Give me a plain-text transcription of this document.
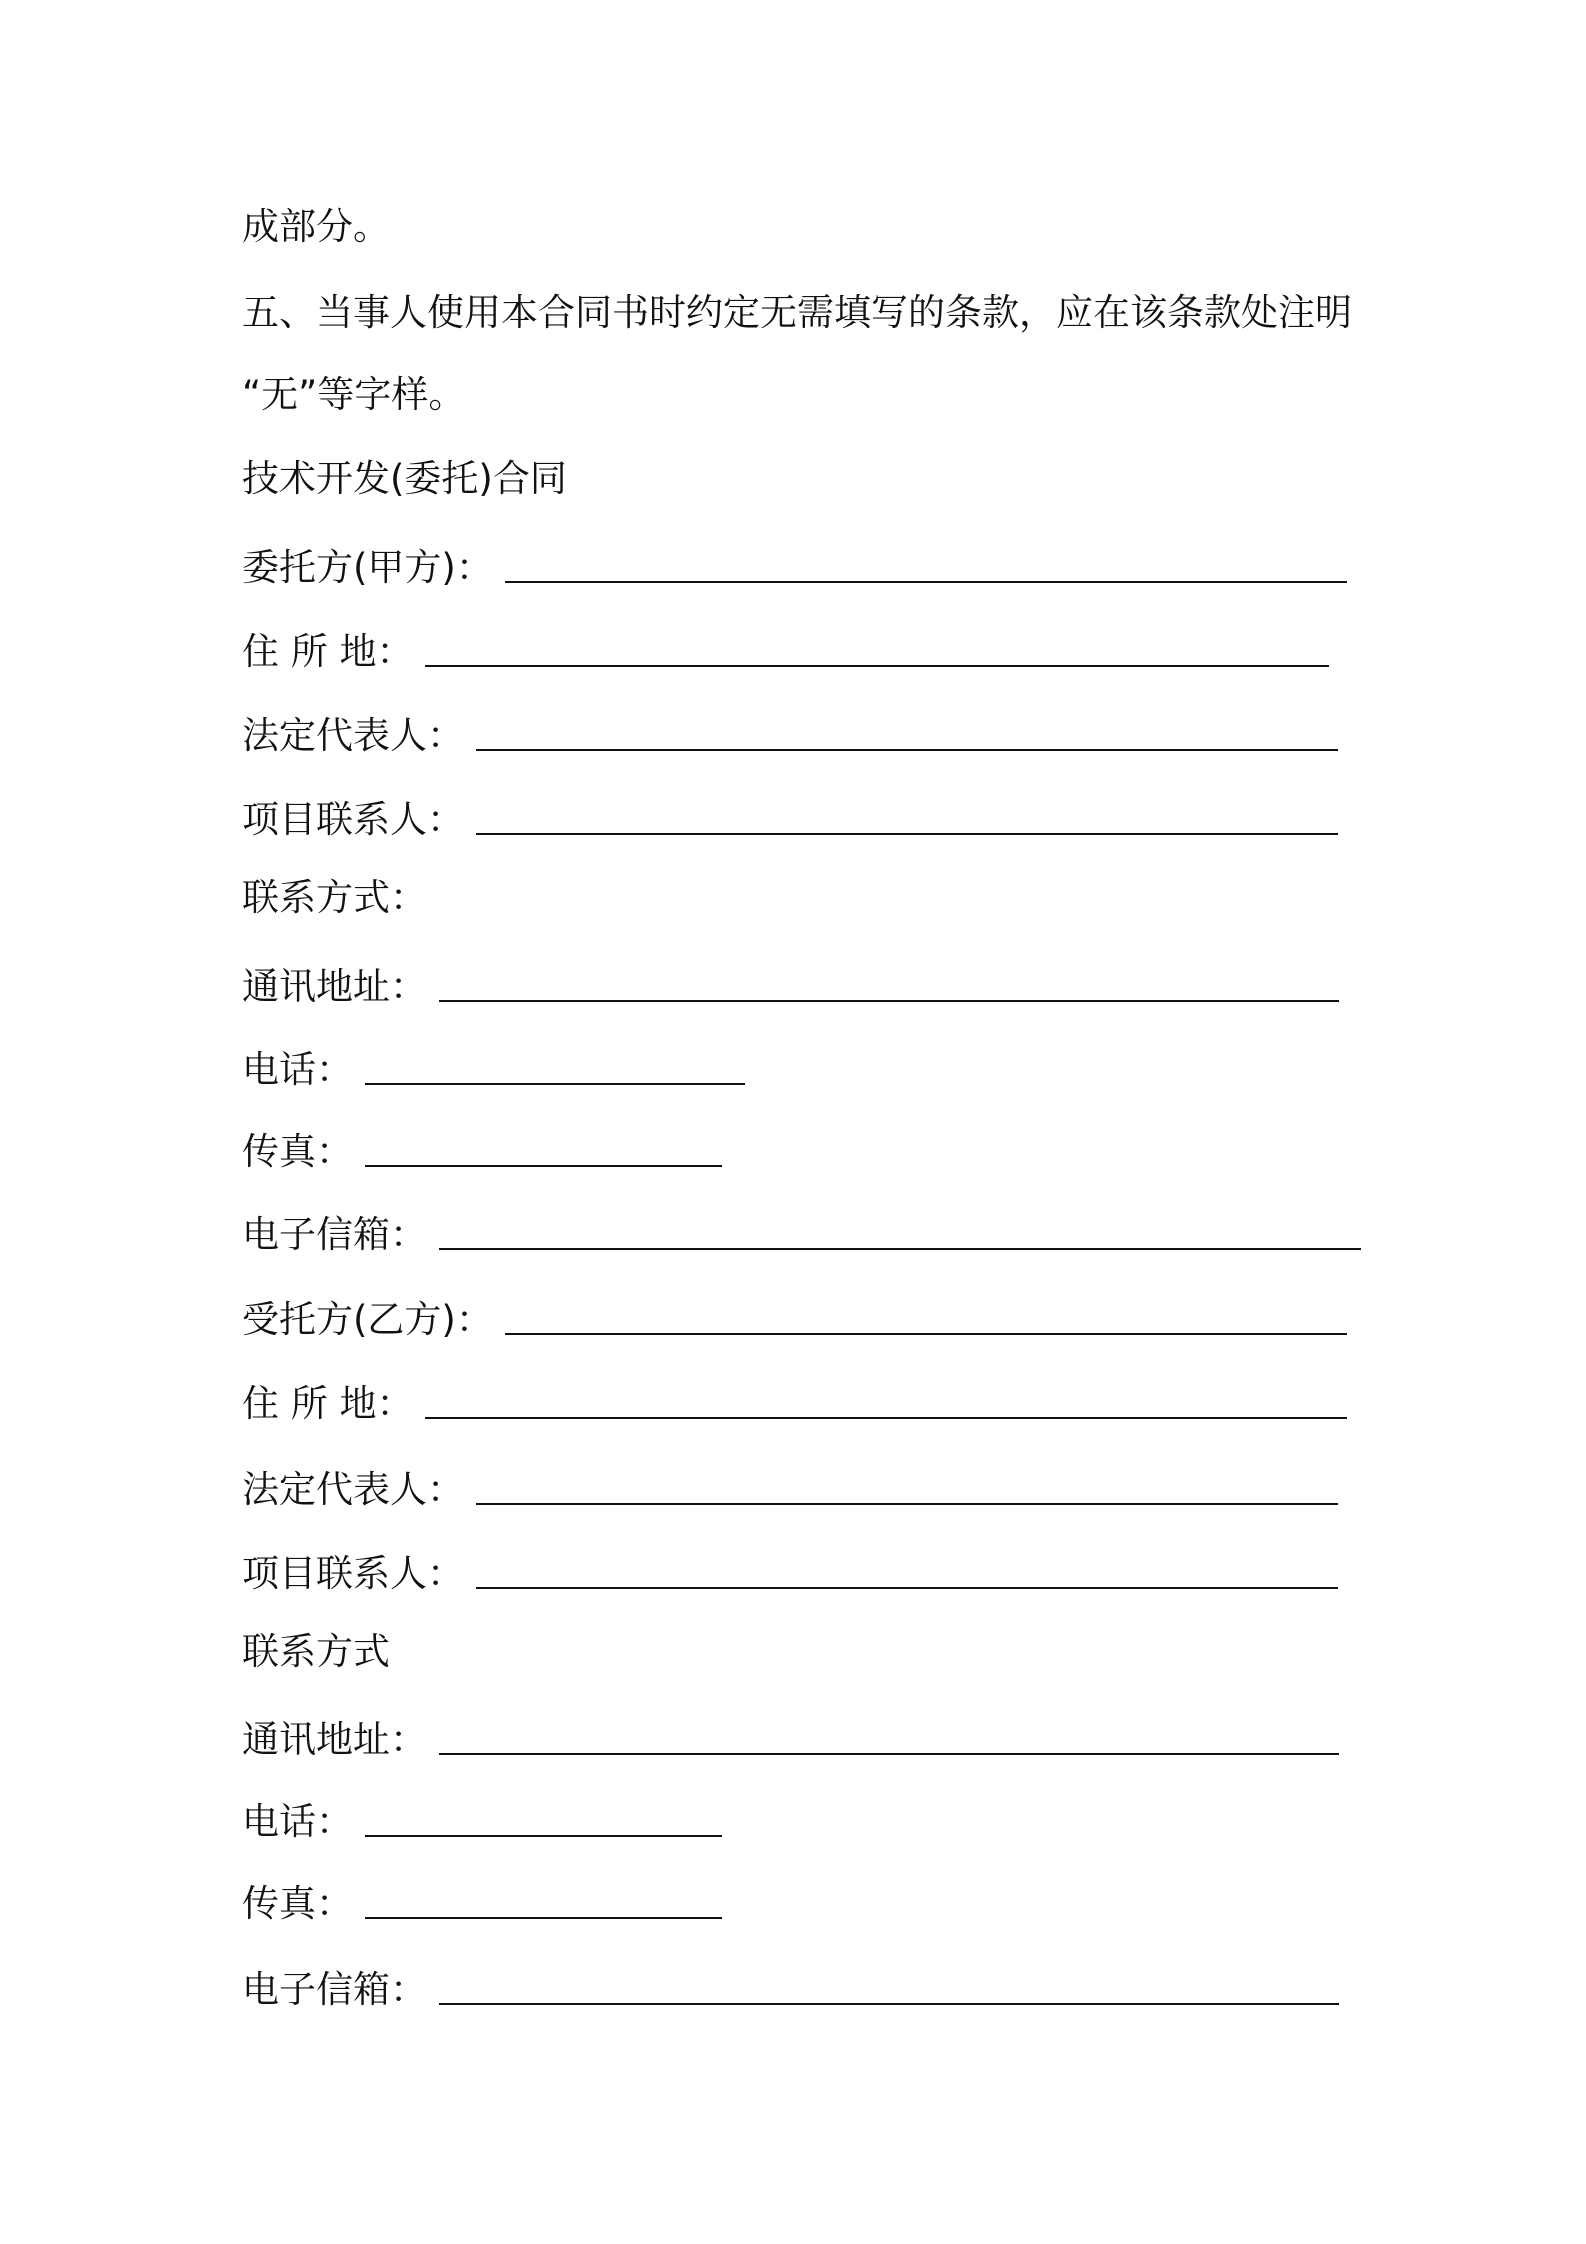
成部分。

五、当事人使用本合同书时约定无需填写的条款，应在该条款处注明

“无”等字样。

技术开发(委托)合同

委托方(甲方)：

住 所 地：

法定代表人：

项目联系人：

联系方式：

通讯地址：

电话：

传真：

电子信箱：

受托方(乙方)：

住 所 地：

法定代表人：

项目联系人：

联系方式

通讯地址：

电话：

传真：

电子信箱：
